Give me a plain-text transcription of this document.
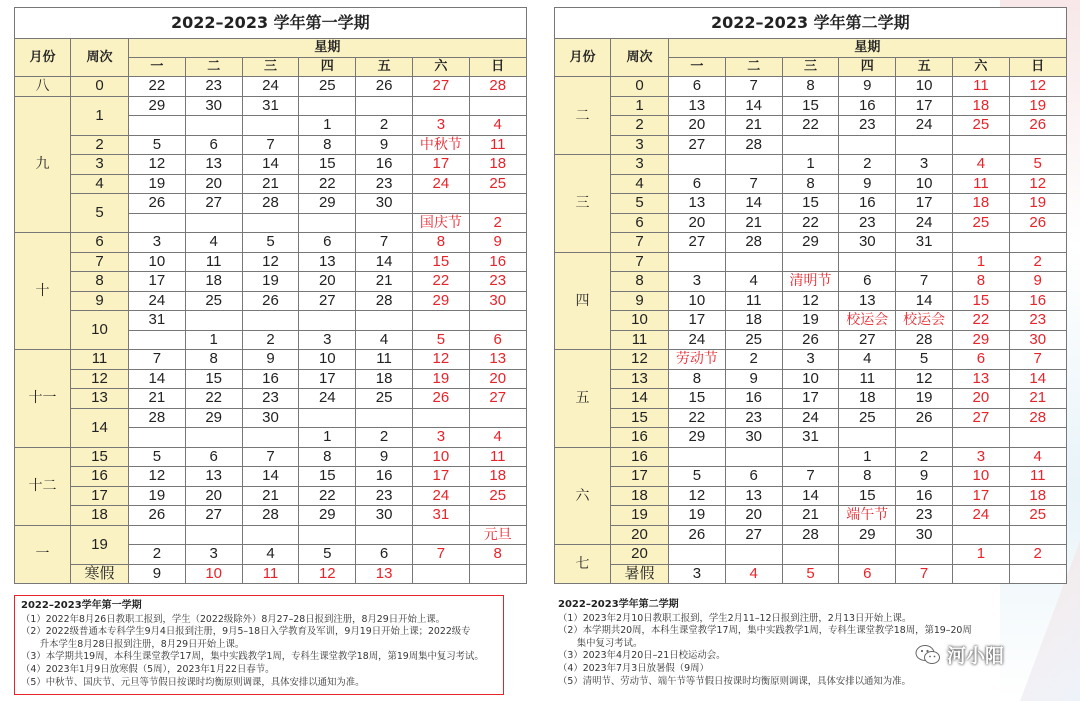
2022–2023 学年第一学期								
月份	周次	星期						
		一	二	三	四	五	六	日
八	0	22	23	24	25	26	27	28
九	1	29	30	31				
					1	2	3	4
	2	5	6	7	8	9	中秋节	11
	3	12	13	14	15	16	17	18
	4	19	20	21	22	23	24	25
	5	26	27	28	29	30		
							国庆节	2
十	6	3	4	5	6	7	8	9
	7	10	11	12	13	14	15	16
	8	17	18	19	20	21	22	23
	9	24	25	26	27	28	29	30
	10	31						
			1	2	3	4	5	6
十一	11	7	8	9	10	11	12	13
	12	14	15	16	17	18	19	20
	13	21	22	23	24	25	26	27
	14	28	29	30				
					1	2	3	4
十二	15	5	6	7	8	9	10	11
	16	12	13	14	15	16	17	18
	17	19	20	21	22	23	24	25
	18	26	27	28	29	30	31	
一	19							元旦
		2	3	4	5	6	7	8
	寒假	9	10	11	12	13		
2022–2023 学年第二学期								
月份	周次	星期						
		一	二	三	四	五	六	日
二	0	6	7	8	9	10	11	12
	1	13	14	15	16	17	18	19
	2	20	21	22	23	24	25	26
	3	27	28					
三	3			1	2	3	4	5
	4	6	7	8	9	10	11	12
	5	13	14	15	16	17	18	19
	6	20	21	22	23	24	25	26
	7	27	28	29	30	31		
四	7						1	2
	8	3	4	清明节	6	7	8	9
	9	10	11	12	13	14	15	16
	10	17	18	19	校运会	校运会	22	23
	11	24	25	26	27	28	29	30
五	12	劳动节	2	3	4	5	6	7
	13	8	9	10	11	12	13	14
	14	15	16	17	18	19	20	21
	15	22	23	24	25	26	27	28
	16	29	30	31				
六	16				1	2	3	4
	17	5	6	7	8	9	10	11
	18	12	13	14	15	16	17	18
	19	19	20	21	端午节	23	24	25
	20	26	27	28	29	30		
七	20						1	2
	暑假	3	4	5	6	7		
2022–2023学年第一学期
（1）2022年8月26日教职工报到，学生（2022级除外）8月27–28日报到注册，8月29日开始上课。
（2）2022级普通本专科学生9月4日报到注册，9月5–18日入学教育及军训，9月19日开始上课；2022级专
　　升本学生8月28日报到注册，8月29日开始上课。
（3）本学期共19周，本科生课堂教学17周，集中实践教学1周，专科生课堂教学18周，第19周集中复习考试。
（4）2023年1月9日放寒假（5周），2023年1月22日春节。
（5）中秋节、国庆节、元旦等节假日按课时均衡原则调课，具体安排以通知为准。
2022–2023学年第二学期
（1）2023年2月10日教职工报到，学生2月11–12日报到注册，2月13日开始上课。
（2）本学期共20周，本科生课堂教学17周，集中实践教学1周，专科生课堂教学18周，第19–20周
　　集中复习考试。
（3）2023年4月20日–21日校运动会。
（4）2023年7月3日放暑假（9周）
（5）清明节、劳动节、端午节等节假日按课时均衡原则调课，具体安排以通知为准。
河小阳
